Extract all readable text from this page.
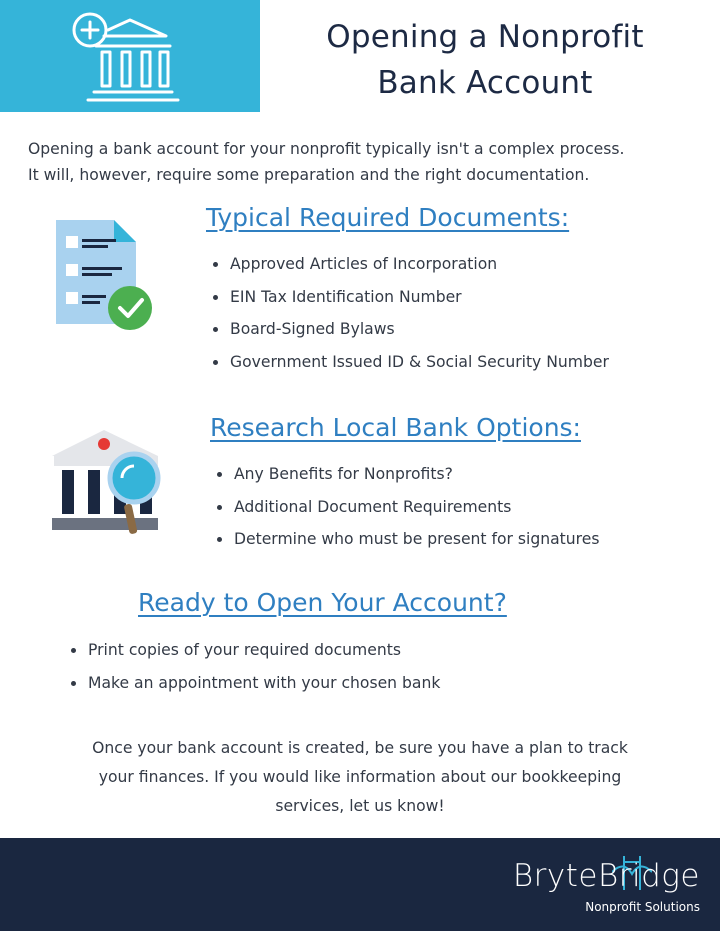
Opening a Nonprofit
Bank Account
Opening a bank account for your nonprofit typically isn't a complex process.
It will, however, require some preparation and the right documentation.
Typical Required Documents:
Approved Articles of Incorporation
EIN Tax Identification Number
Board-Signed Bylaws
Government Issued ID & Social Security Number
Research Local Bank Options:
Any Benefits for Nonprofits?
Additional Document Requirements
Determine who must be present for signatures
Ready to Open Your Account?
Print copies of your required documents
Make an appointment with your chosen bank
Once your bank account is created, be sure you have a plan to track
your finances. If you would like information about our bookkeeping
services, let us know!
BryteBridge
Nonprofit Solutions
